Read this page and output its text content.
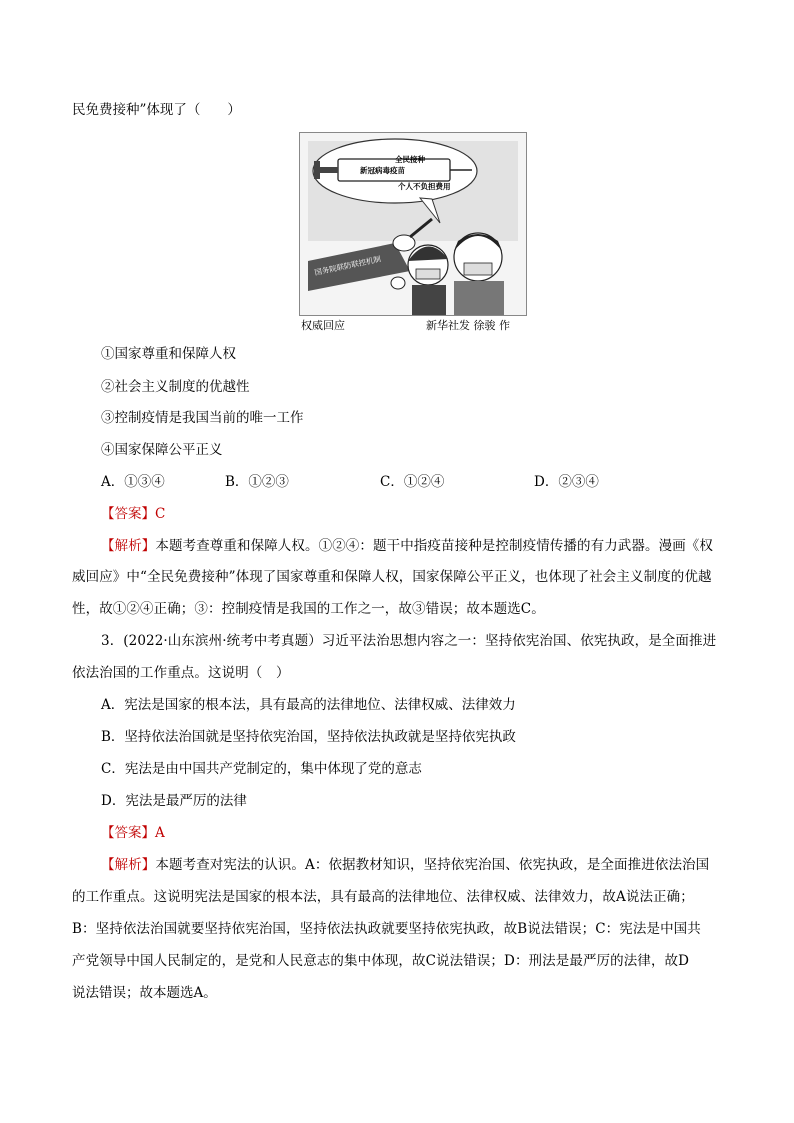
民免费接种”体现了（　　）
全民接种
新冠病毒疫苗
个人不负担费用
国务院联防联控机制
权威回应	新华社发 徐骏 作
①国家尊重和保障人权
②社会主义制度的优越性
③控制疫情是我国当前的唯一工作
④国家保障公平正义
A．①③④	B．①②③	C．①②④	D．②③④
【答案】C
【解析】本题考查尊重和保障人权。①②④：题干中指疫苗接种是控制疫情传播的有力武器。漫画《权
威回应》中“全民免费接种”体现了国家尊重和保障人权，国家保障公平正义，也体现了社会主义制度的优越
性，故①②④正确；③：控制疫情是我国的工作之一，故③错误；故本题选C。
3．(2022·山东滨州·统考中考真题）习近平法治思想内容之一：坚持依宪治国、依宪执政，是全面推进
依法治国的工作重点。这说明（　）
A．宪法是国家的根本法，具有最高的法律地位、法律权威、法律效力
B．坚持依法治国就是坚持依宪治国，坚持依法执政就是坚持依宪执政
C．宪法是由中国共产党制定的，集中体现了党的意志
D．宪法是最严厉的法律
【答案】A
【解析】本题考查对宪法的认识。A：依据教材知识，坚持依宪治国、依宪执政，是全面推进依法治国
的工作重点。这说明宪法是国家的根本法，具有最高的法律地位、法律权威、法律效力，故A说法正确；
B：坚持依法治国就要坚持依宪治国，坚持依法执政就要坚持依宪执政，故B说法错误；C：宪法是中国共
产党领导中国人民制定的，是党和人民意志的集中体现，故C说法错误；D：刑法是最严厉的法律，故D
说法错误；故本题选A。
